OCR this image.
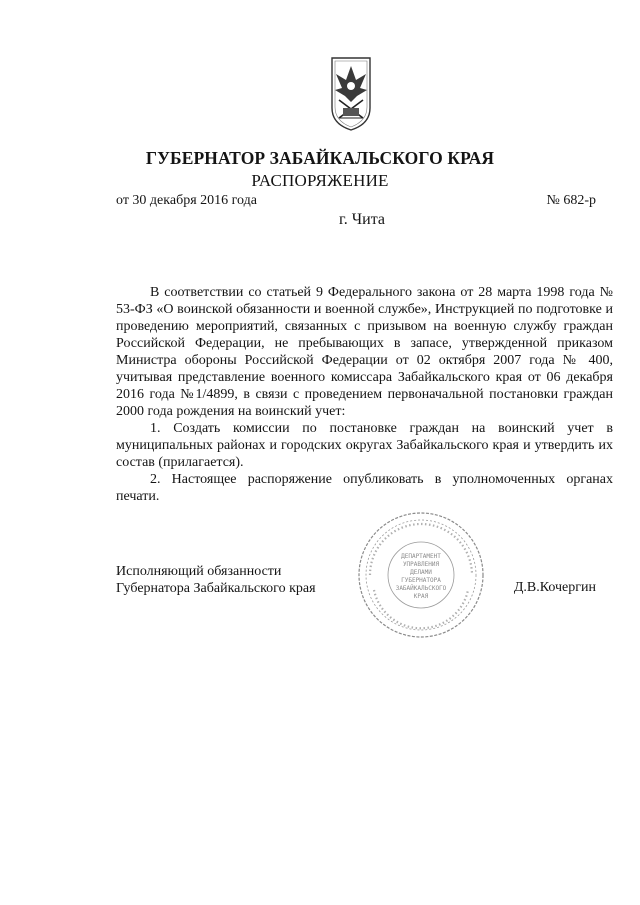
ГУБЕРНАТОР ЗАБАЙКАЛЬСКОГО КРАЯ
РАСПОРЯЖЕНИЕ
от 30 декабря 2016 года	№ 682-р
г. Чита

В соответствии со статьей 9 Федерального закона от 28 марта 1998 года № 53-ФЗ «О воинской обязанности и военной службе», Инструкцией по подготовке и проведению мероприятий, связанных с призывом на военную службу граждан Российской Федерации, не пребывающих в запасе, утвержденной приказом Министра обороны Российской Федерации от 02 октября 2007 года № 400, учитывая представление военного комиссара Забайкальского края от 06 декабря 2016 года №1/4899, в связи с проведением первоначальной постановки граждан 2000 года рождения на воинский учет:

1. Создать комиссии по постановке граждан на воинский учет в муниципальных районах и городских округах Забайкальского края и утвердить их состав (прилагается).

2. Настоящее распоряжение опубликовать в уполномоченных органах печати.

Исполняющий обязанности
Губернатора Забайкальского края
ДЕПАРТАМЕНТ
УПРАВЛЕНИЯ
ДЕЛАМИ
ГУБЕРНАТОРА
ЗАБАЙКАЛЬСКОГО
КРАЯ
Д.В.Кочергин
